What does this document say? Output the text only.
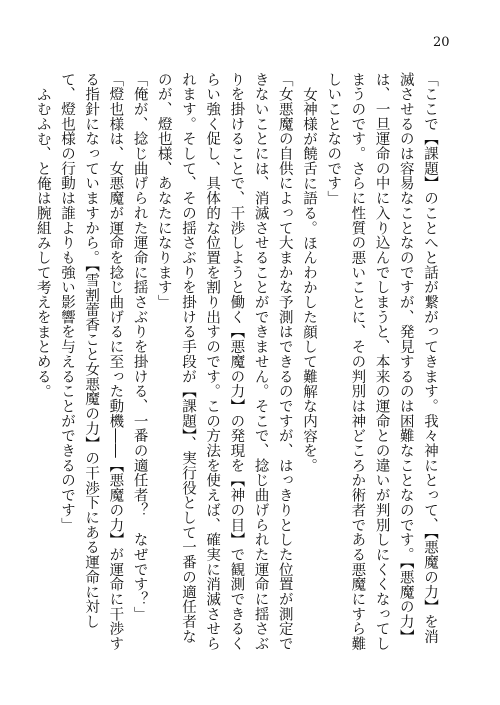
20

「ここで【課題】のことへと話が繋がってきます。我々神にとって、【悪魔の力】を消滅させるのは容易なことなのですが、発見するのは困難なことなのです。【悪魔の力】は、一旦運命の中に入り込んでしまうと、本来の運命との違いが判別しにくくなってしまうのです。さらに性質の悪いことに、その判別は神どころか術者である悪魔にすら難しいことなのです」

女神様が饒舌に語る。ほんわかした顔して難解な内容を。

「女悪魔の自供によって大まかな予測はできるのですが、はっきりとした位置が測定できないことには、消滅させることができません。そこで、捻じ曲げられた運命に揺さぶりを掛けることで、干渉しようと働く【悪魔の力】の発現を【神の目】で観測できるくらい強く促し、具体的な位置を割り出すのです。この方法を使えば、確実に消滅させられます。そして、その揺さぶりを掛ける手段が【課題】、実行役として一番の適任者なのが、燈也様、あなたになります」

「俺が、捻じ曲げられた運命に揺さぶりを掛ける、一番の適任者？　なぜです？」

「燈也様は、女悪魔が運命を捻じ曲げるに至った動機――【悪魔の力】が運命に干渉する指針になっていますから。【雪割蕾香こと女悪魔の力】の干渉下にある運命に対して、燈也様の行動は誰よりも強い影響を与えることができるのです」

ふむふむ、と俺は腕組みして考えをまとめる。
